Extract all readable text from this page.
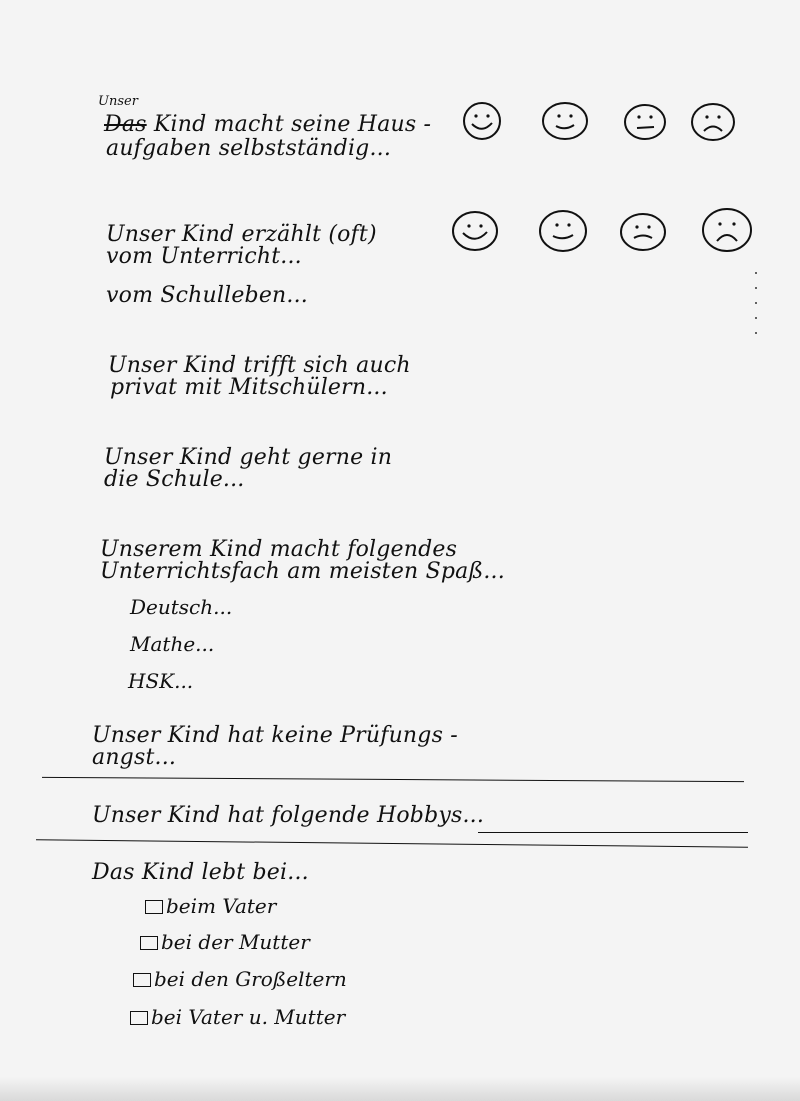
Unser

Das Kind macht seine Haus -

aufgaben selbstständig...

Unser Kind erzählt (oft)

vom Unterricht...

vom Schulleben...

Unser Kind trifft sich auch

privat mit Mitschülern...

Unser Kind geht gerne in

die Schule...

Unserem Kind macht folgendes

Unterrichtsfach am meisten Spaß...

Deutsch...

Mathe...

HSK...

Unser Kind hat keine Prüfungs -

angst...

Unser Kind hat folgende Hobbys...

Das Kind lebt bei...

beim Vater

bei der Mutter

bei den Großeltern

bei Vater u. Mutter
